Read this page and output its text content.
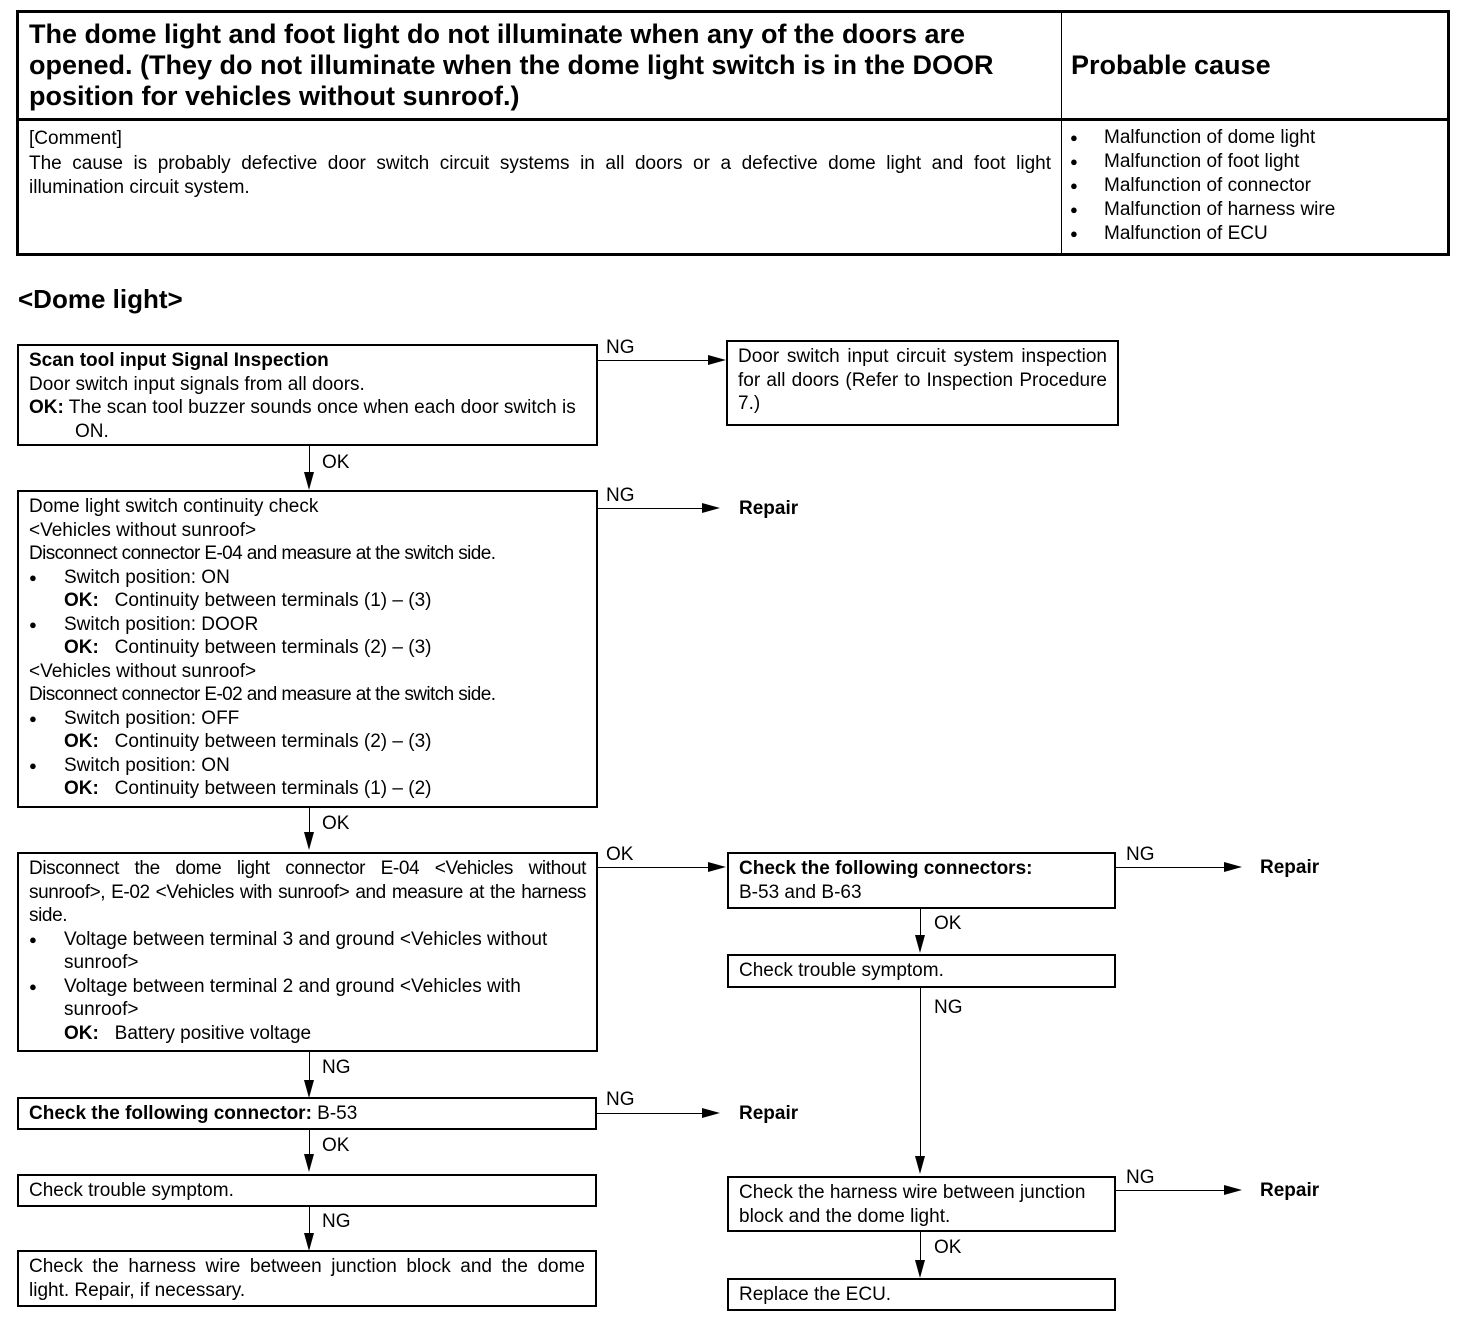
The dome light and foot light do not illuminate when any of the doors are opened. (They do not illuminate when the dome light switch is in the DOOR position for vehicles without sunroof.)
Probable cause
[Comment]
The cause is probably defective door switch circuit systems in all doors or a defective dome light and foot light illumination circuit system.
● Malfunction of dome light
● Malfunction of foot light
● Malfunction of connector
● Malfunction of harness wire
● Malfunction of ECU
<Dome light>
Scan tool input Signal Inspection
Door switch input signals from all doors.
OK: The scan tool buzzer sounds once when each door switch is ON.
NG	Door switch input circuit system inspection for all doors (Refer to Inspection Procedure 7.)
OK
Dome light switch continuity check
<Vehicles without sunroof>
Disconnect connector E-04 and measure at the switch side.
● Switch position: ON
OK: Continuity between terminals (1) – (3)
● Switch position: DOOR
OK: Continuity between terminals (2) – (3)
<Vehicles without sunroof>
Disconnect connector E-02 and measure at the switch side.
● Switch position: OFF
OK: Continuity between terminals (2) – (3)
● Switch position: ON
OK: Continuity between terminals (1) – (2)
NG
Repair
OK
Disconnect the dome light connector E-04 <Vehicles without sunroof>, E-02 <Vehicles with sunroof> and measure at the harness side.
● Voltage between terminal 3 and ground <Vehicles without sunroof>
● Voltage between terminal 2 and ground <Vehicles with sunroof>
OK: Battery positive voltage
OK
Check the following connectors:
B-53 and B-63
NG
Repair
OK
Check trouble symptom.
NG
Check the harness wire between junction block and the dome light.
NG
Repair
OK
Replace the ECU.
NG
Check the following connector: B-53
NG
Repair
OK
Check trouble symptom.
NG
Check the harness wire between junction block and the dome light. Repair, if necessary.
